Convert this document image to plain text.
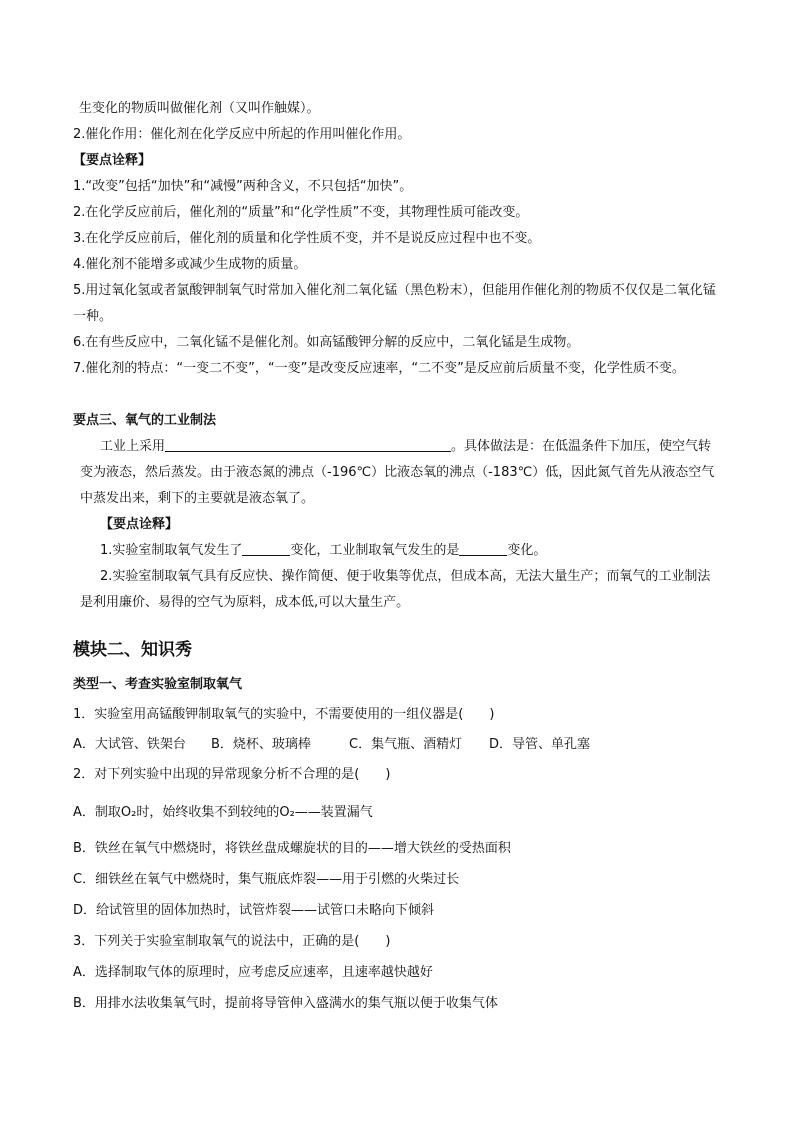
生变化的物质叫做催化剂（又叫作触媒）。
2.催化作用：催化剂在化学反应中所起的作用叫催化作用。
【要点诠释】
1.“改变”包括“加快”和“减慢”两种含义，不只包括“加快”。
2.在化学反应前后，催化剂的“质量”和“化学性质”不变，其物理性质可能改变。
3.在化学反应前后，催化剂的质量和化学性质不变，并不是说反应过程中也不变。
4.催化剂不能增多或减少生成物的质量。
5.用过氧化氢或者氯酸钾制氧气时常加入催化剂二氧化锰（黑色粉末），但能用作催化剂的物质不仅仅是二氧化锰一种。
6.在有些反应中，二氧化锰不是催化剂。如高锰酸钾分解的反应中，二氧化锰是生成物。
7.催化剂的特点：“一变二不变”，“一变”是改变反应速率，“二不变”是反应前后质量不变，化学性质不变。
要点三、氧气的工业制法
工业上采用	。具体做法是：在低温条件下加压，使空气转变为液态，然后蒸发。由于液态氮的沸点（-196℃）比液态氧的沸点（-183℃）低，因此氮气首先从液态空气中蒸发出来，剩下的主要就是液态氧了。
【要点诠释】
1.实验室制取氧气发生了	变化，工业制取氧气发生的是	变化。
2.实验室制取氧气具有反应快、操作简便、便于收集等优点，但成本高，无法大量生产；而氧气的工业制法是利用廉价、易得的空气为原料，成本低,可以大量生产。
模块二、知识秀
类型一、考查实验室制取氧气
1．实验室用高锰酸钾制取氧气的实验中，不需要使用的一组仪器是(　　)
A．大试管、铁架台 B．烧杯、玻璃棒	C．集气瓶、酒精灯 D．导管、单孔塞
2．对下列实验中出现的异常现象分析不合理的是(　　)
A．制取O₂时，始终收集不到较纯的O₂——装置漏气
B．铁丝在氧气中燃烧时，将铁丝盘成螺旋状的目的——增大铁丝的受热面积
C．细铁丝在氧气中燃烧时，集气瓶底炸裂——用于引燃的火柴过长
D．给试管里的固体加热时，试管炸裂——试管口未略向下倾斜
3．下列关于实验室制取氧气的说法中，正确的是(　　)
A．选择制取气体的原理时，应考虑反应速率，且速率越快越好
B．用排水法收集氧气时，提前将导管伸入盛满水的集气瓶以便于收集气体
